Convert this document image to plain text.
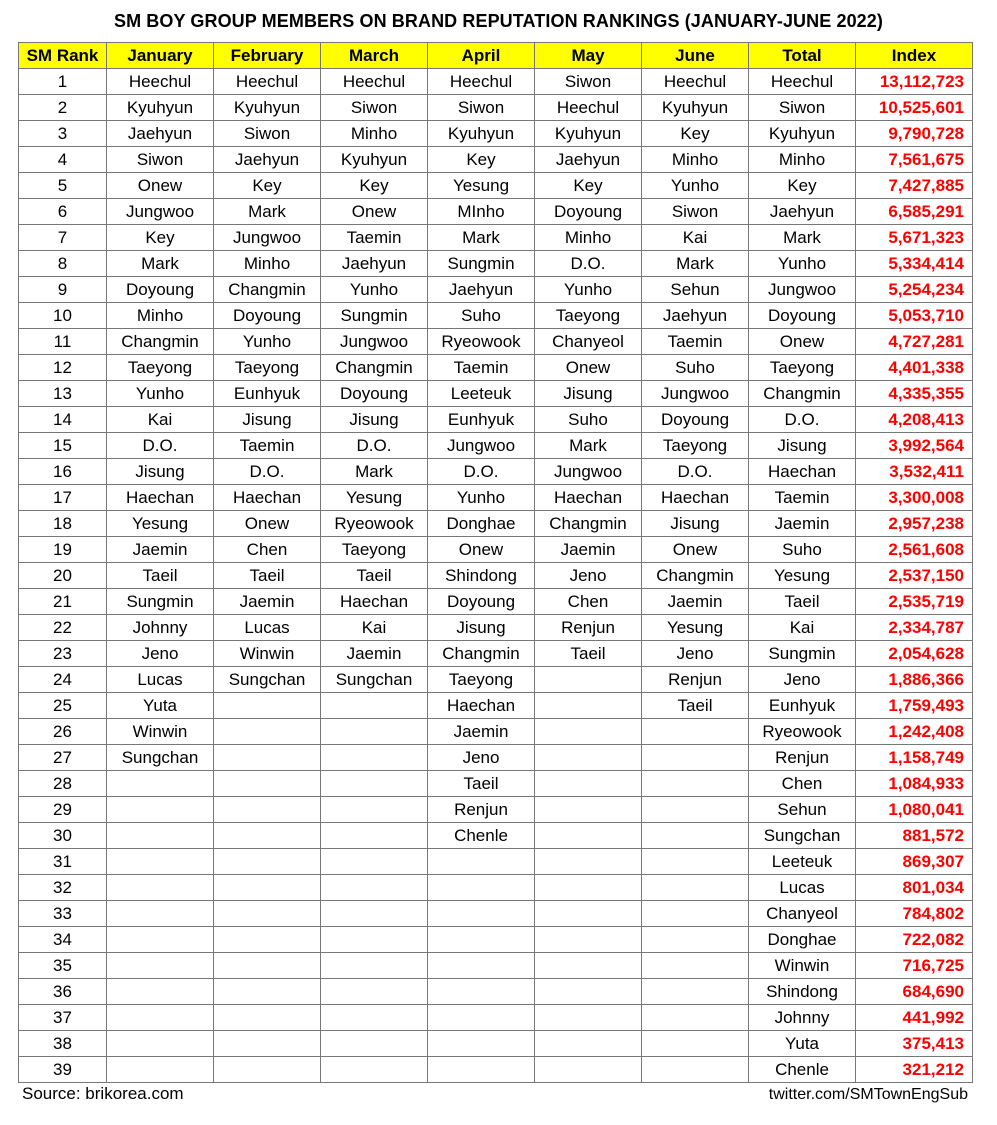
SM BOY GROUP MEMBERS ON BRAND REPUTATION RANKINGS (JANUARY-JUNE 2022)
SM Rank	January	February	March	April	May	June	Total	Index
1	Heechul	Heechul	Heechul	Heechul	Siwon	Heechul	Heechul	13,112,723
2	Kyuhyun	Kyuhyun	Siwon	Siwon	Heechul	Kyuhyun	Siwon	10,525,601
3	Jaehyun	Siwon	Minho	Kyuhyun	Kyuhyun	Key	Kyuhyun	9,790,728
4	Siwon	Jaehyun	Kyuhyun	Key	Jaehyun	Minho	Minho	7,561,675
5	Onew	Key	Key	Yesung	Key	Yunho	Key	7,427,885
6	Jungwoo	Mark	Onew	MInho	Doyoung	Siwon	Jaehyun	6,585,291
7	Key	Jungwoo	Taemin	Mark	Minho	Kai	Mark	5,671,323
8	Mark	Minho	Jaehyun	Sungmin	D.O.	Mark	Yunho	5,334,414
9	Doyoung	Changmin	Yunho	Jaehyun	Yunho	Sehun	Jungwoo	5,254,234
10	Minho	Doyoung	Sungmin	Suho	Taeyong	Jaehyun	Doyoung	5,053,710
11	Changmin	Yunho	Jungwoo	Ryeowook	Chanyeol	Taemin	Onew	4,727,281
12	Taeyong	Taeyong	Changmin	Taemin	Onew	Suho	Taeyong	4,401,338
13	Yunho	Eunhyuk	Doyoung	Leeteuk	Jisung	Jungwoo	Changmin	4,335,355
14	Kai	Jisung	Jisung	Eunhyuk	Suho	Doyoung	D.O.	4,208,413
15	D.O.	Taemin	D.O.	Jungwoo	Mark	Taeyong	Jisung	3,992,564
16	Jisung	D.O.	Mark	D.O.	Jungwoo	D.O.	Haechan	3,532,411
17	Haechan	Haechan	Yesung	Yunho	Haechan	Haechan	Taemin	3,300,008
18	Yesung	Onew	Ryeowook	Donghae	Changmin	Jisung	Jaemin	2,957,238
19	Jaemin	Chen	Taeyong	Onew	Jaemin	Onew	Suho	2,561,608
20	Taeil	Taeil	Taeil	Shindong	Jeno	Changmin	Yesung	2,537,150
21	Sungmin	Jaemin	Haechan	Doyoung	Chen	Jaemin	Taeil	2,535,719
22	Johnny	Lucas	Kai	Jisung	Renjun	Yesung	Kai	2,334,787
23	Jeno	Winwin	Jaemin	Changmin	Taeil	Jeno	Sungmin	2,054,628
24	Lucas	Sungchan	Sungchan	Taeyong		Renjun	Jeno	1,886,366
25	Yuta			Haechan		Taeil	Eunhyuk	1,759,493
26	Winwin			Jaemin			Ryeowook	1,242,408
27	Sungchan			Jeno			Renjun	1,158,749
28				Taeil			Chen	1,084,933
29				Renjun			Sehun	1,080,041
30				Chenle			Sungchan	881,572
31							Leeteuk	869,307
32							Lucas	801,034
33							Chanyeol	784,802
34							Donghae	722,082
35							Winwin	716,725
36							Shindong	684,690
37							Johnny	441,992
38							Yuta	375,413
39							Chenle	321,212
Source: brikorea.com	twitter.com/SMTownEngSub
